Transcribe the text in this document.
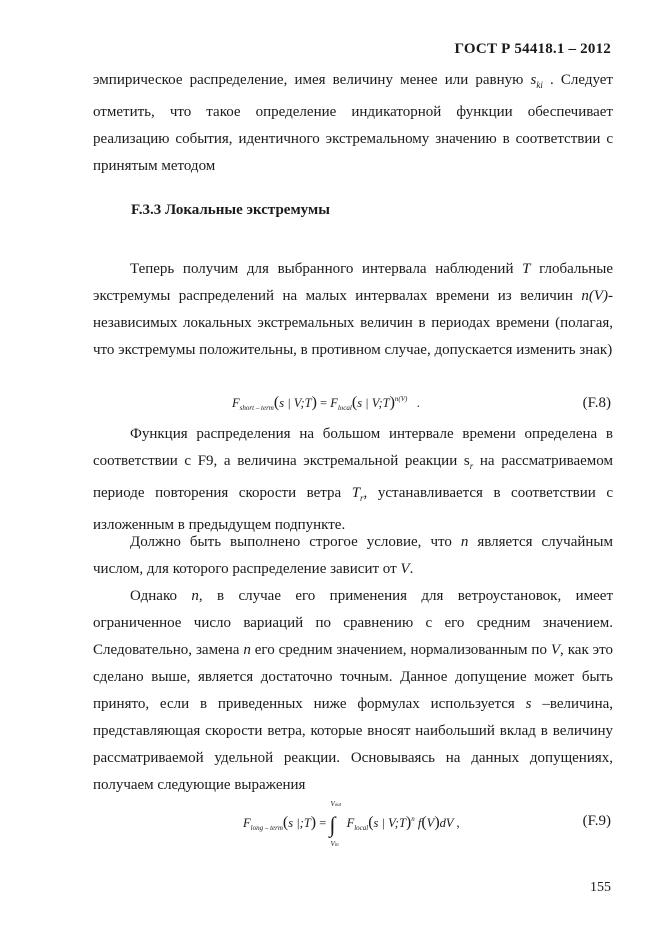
ГОСТ Р 54418.1 – 2012
эмпирическое распределение, имея величину менее или равную $s_{ki}$ . Следует отметить, что такое определение индикаторной функции обеспечивает реализацию события, идентичного экстремальному значению в соответствии с принятым методом
F.3.3 Локальные экстремумы
Теперь получим для выбранного интервала наблюдений T глобальные экстремумы распределений на малых интервалах времени из величин n(V)-независимых локальных экстремальных величин в периодах времени (полагая, что экстремумы положительны, в противном случае, допускается изменить знак)
$F_{short - term}(s$ | V;T) = $F_{local}(s$ | V;T)$^{n(V)}$ .	(F.8)
Функция распределения на большом интервале времени определена в соответствии с F9, а величина экстремальной реакции $s_r$ на рассматриваемом периоде повторения скорости ветра $T_r$, устанавливается в соответствии с изложенным в предыдущем подпункте.
Должно быть выполнено строгое условие, что n является случайным числом, для которого распределение зависит от V.
Однако n, в случае его применения для ветроустановок, имеет ограниченное число вариаций по сравнению с его средним значением. Следовательно, замена n его средним значением, нормализованным по V, как это сделано выше, является достаточно точным. Данное допущение может быть принято, если в приведенных ниже формулах используется s –величина, представляющая скорости ветра, которые вносят наибольший вклад в величину рассматриваемой удельной реакции. Основываясь на данных допущениях, получаем следующие выражения
$F_{long - term}(s$ |;T) = ∫
Vout
Vin
$F_{local}(s$ | V;T)$^n$ f(V)dV ,	(F.9)
155
